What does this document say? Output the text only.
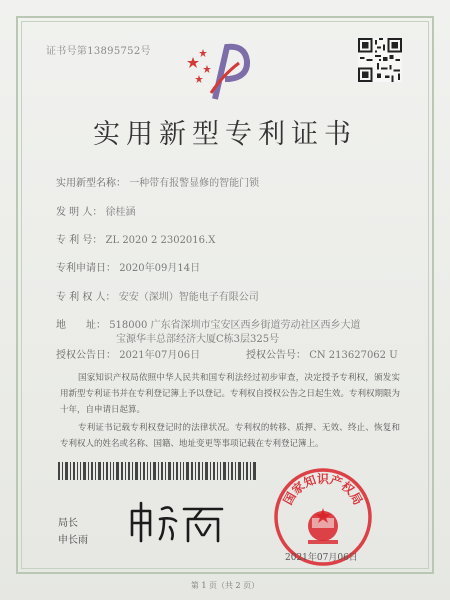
证书号第13895752号
实用新型专利证书
实用新型名称： 一种带有报警显修的智能门锁
发 明 人： 徐桂涵
专 利 号： ZL 2020 2 2302016.X
专利申请日： 2020年09月14日
专 利 权 人： 安安（深圳）智能电子有限公司
地　　址： 518000 广东省深圳市宝安区西乡街道劳动社区西乡大道
宝源华丰总部经济大厦C栋3层325号
授权公告日： 2021年07月06日	授权公告号： CN 213627062 U
国家知识产权局依照中华人民共和国专利法经过初步审查，决定授予专利权，颁发实用新型专利证书并在专利登记簿上予以登记。专利权自授权公告之日起生效。专利权期限为十年，自申请日起算。
专利证书记载专利权登记时的法律状况。专利权的转移、质押、无效、终止、恢复和专利权人的姓名或名称、国籍、地址变更等事项记载在专利登记簿上。
局长
申长雨
国家知识产权局
2021年07月06日
第 1 页（共 2 页）
